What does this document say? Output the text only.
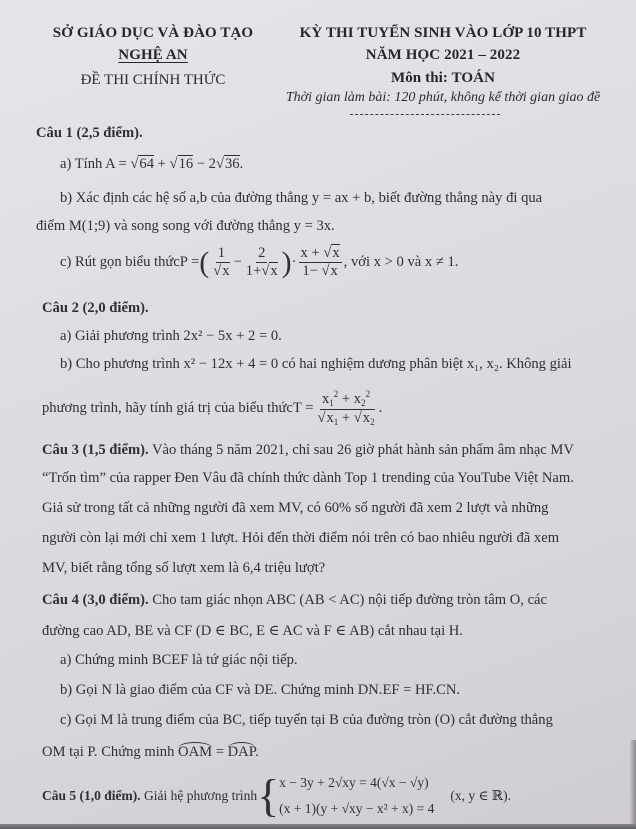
SỞ GIÁO DỤC VÀ ĐÀO TẠO
NGHỆ AN
ĐỀ THI CHÍNH THỨC
KỲ THI TUYỂN SINH VÀO LỚP 10 THPT
NĂM HỌC 2021 – 2022
Môn thi: TOÁN
Thời gian làm bài: 120 phút, không kể thời gian giao đề
Câu 1 (2,5 điểm).
a) Tính A = √ 64 + √ 16 − 2 √ 36.
b) Xác định các hệ số a,b của đường thẳng y = ax + b, biết đường thẳng này đi qua
điểm M(1;9) và song song với đường thẳng y = 3x.
c) Rút gọn biểu thức P = ( 1
√ $x - \frac{2}{1+ √ x}$ ) · $\frac{x + √ x}{1- √ x}$ , với x > 0 và x ≠ 1.
Câu 2 (2,0 điểm).
a) Giải phương trình 2x² − 5x + 2 = 0.
b) Cho phương trình x² − 12x + 4 = 0 có hai nghiệm dương phân biệt x₁, x₂. Không giải
phương trình, hãy tính giá trị của biểu thức $T = x_1^2 + x_2^2$
√ $x_1$ + √ $x_2$ .
Câu 3 (1,5 điểm). Vào tháng 5 năm 2021, chỉ sau 26 giờ phát hành sản phẩm âm nhạc MV
“Trốn tìm” của rapper Đen Vâu đã chính thức dành Top 1 trending của YouTube Việt Nam.
Giả sử trong tất cả những người đã xem MV, có 60% số người đã xem 2 lượt và những
người còn lại mới chỉ xem 1 lượt. Hỏi đến thời điểm nói trên có bao nhiêu người đã xem
MV, biết rằng tổng số lượt xem là 6,4 triệu lượt?
Câu 4 (3,0 điểm). Cho tam giác nhọn ABC (AB < AC) nội tiếp đường tròn tâm O, các
đường cao AD, BE và CF (D ∈ BC, E ∈ AC và F ∈ AB) cắt nhau tại H.
a) Chứng minh BCEF là tứ giác nội tiếp.
b) Gọi N là giao điểm của CF và DE. Chứng minh DN.EF = HF.CN.
c) Gọi M là trung điểm của BC, tiếp tuyến tại B của đường tròn (O) cắt đường thẳng
OM tại P. Chứng minh OAM = DAP.
Câu 5 (1,0 điểm). Giải hệ phương trình { x − 3y + 2√xy = 4(√x − √y)
(x + 1)(y + √xy − x² + x) = 4
(x, y ∈ ℝ).
